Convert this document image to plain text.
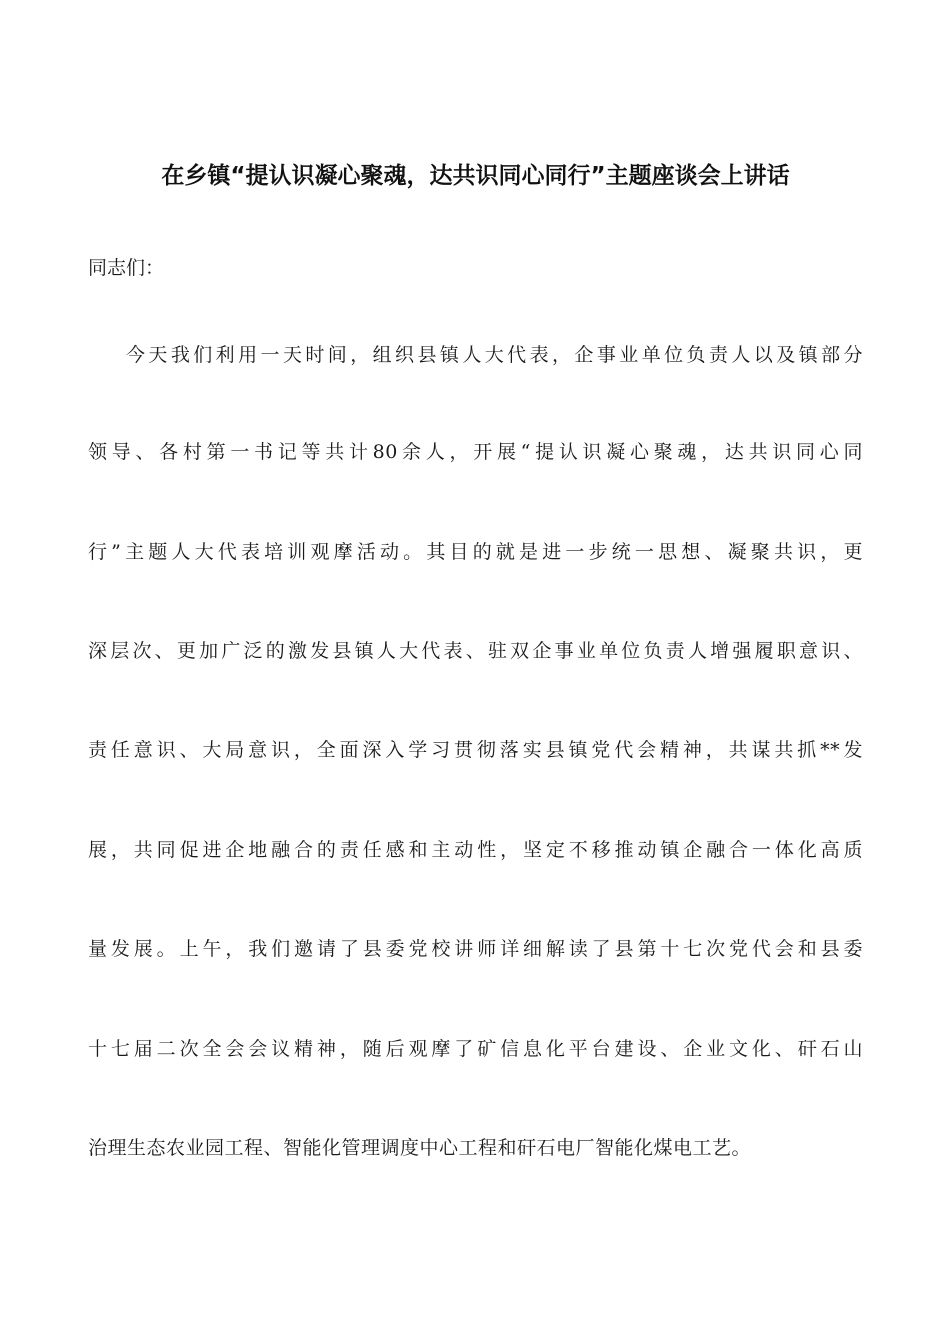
在乡镇“提认识凝心聚魂，达共识同心同行”主题座谈会上讲话
同志们：
今天我们利用一天时间，组织县镇人大代表，企事业单位负责人以及镇部分
领导、各村第一书记等共计80余人，开展“提认识凝心聚魂，达共识同心同
行”主题人大代表培训观摩活动。其目的就是进一步统一思想、凝聚共识，更
深层次、更加广泛的激发县镇人大代表、驻双企事业单位负责人增强履职意识、
责任意识、大局意识，全面深入学习贯彻落实县镇党代会精神，共谋共抓**发
展，共同促进企地融合的责任感和主动性，坚定不移推动镇企融合一体化高质
量发展。上午，我们邀请了县委党校讲师详细解读了县第十七次党代会和县委
十七届二次全会会议精神，随后观摩了矿信息化平台建设、企业文化、矸石山
治理生态农业园工程、智能化管理调度中心工程和矸石电厂智能化煤电工艺。
